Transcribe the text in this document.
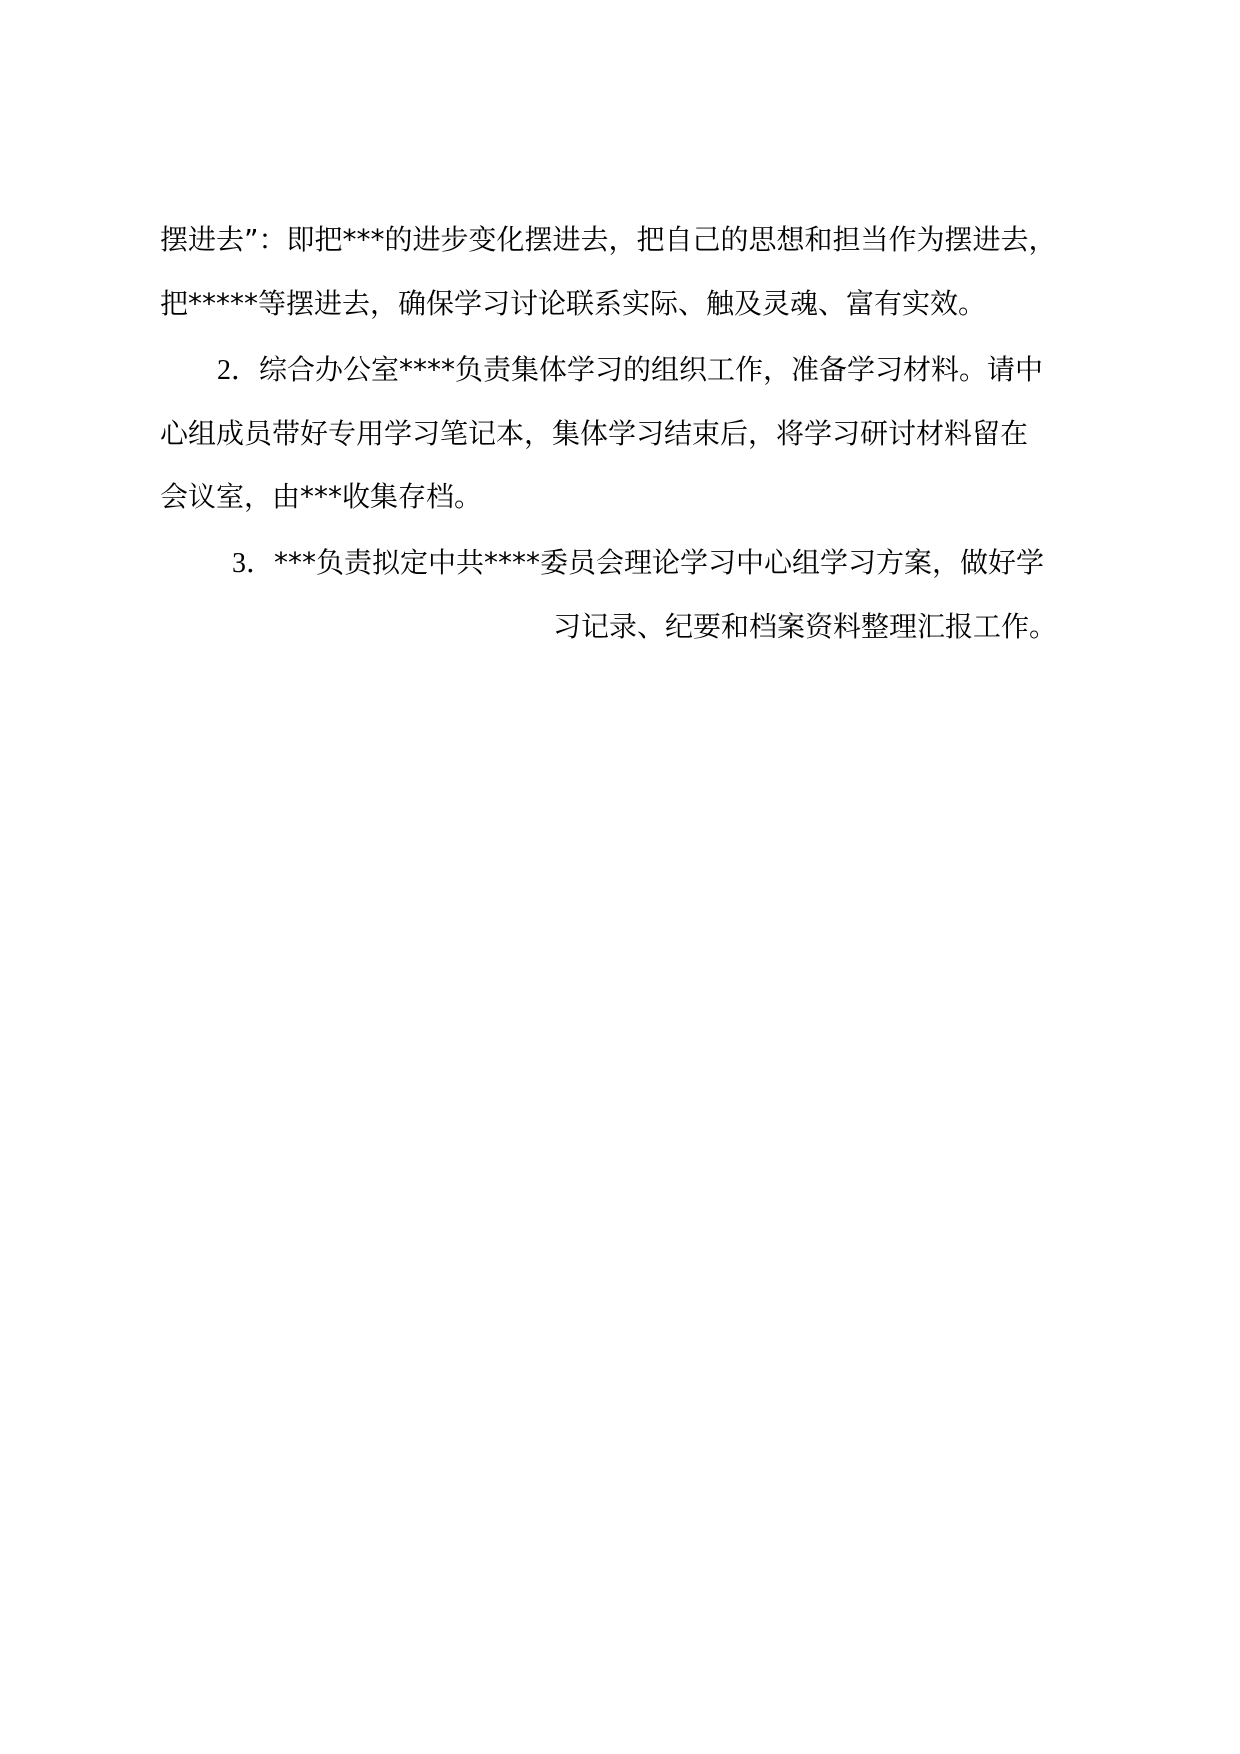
摆进去”：即把***的进步变化摆进去，把自己的思想和担当作为摆进去，
把*****等摆进去，确保学习讨论联系实际、触及灵魂、富有实效。
2．综合办公室****负责集体学习的组织工作，准备学习材料。请中
心组成员带好专用学习笔记本，集体学习结束后，将学习研讨材料留在
会议室，由***收集存档。
3．***负责拟定中共****委员会理论学习中心组学习方案，做好学
习记录、纪要和档案资料整理汇报工作。
